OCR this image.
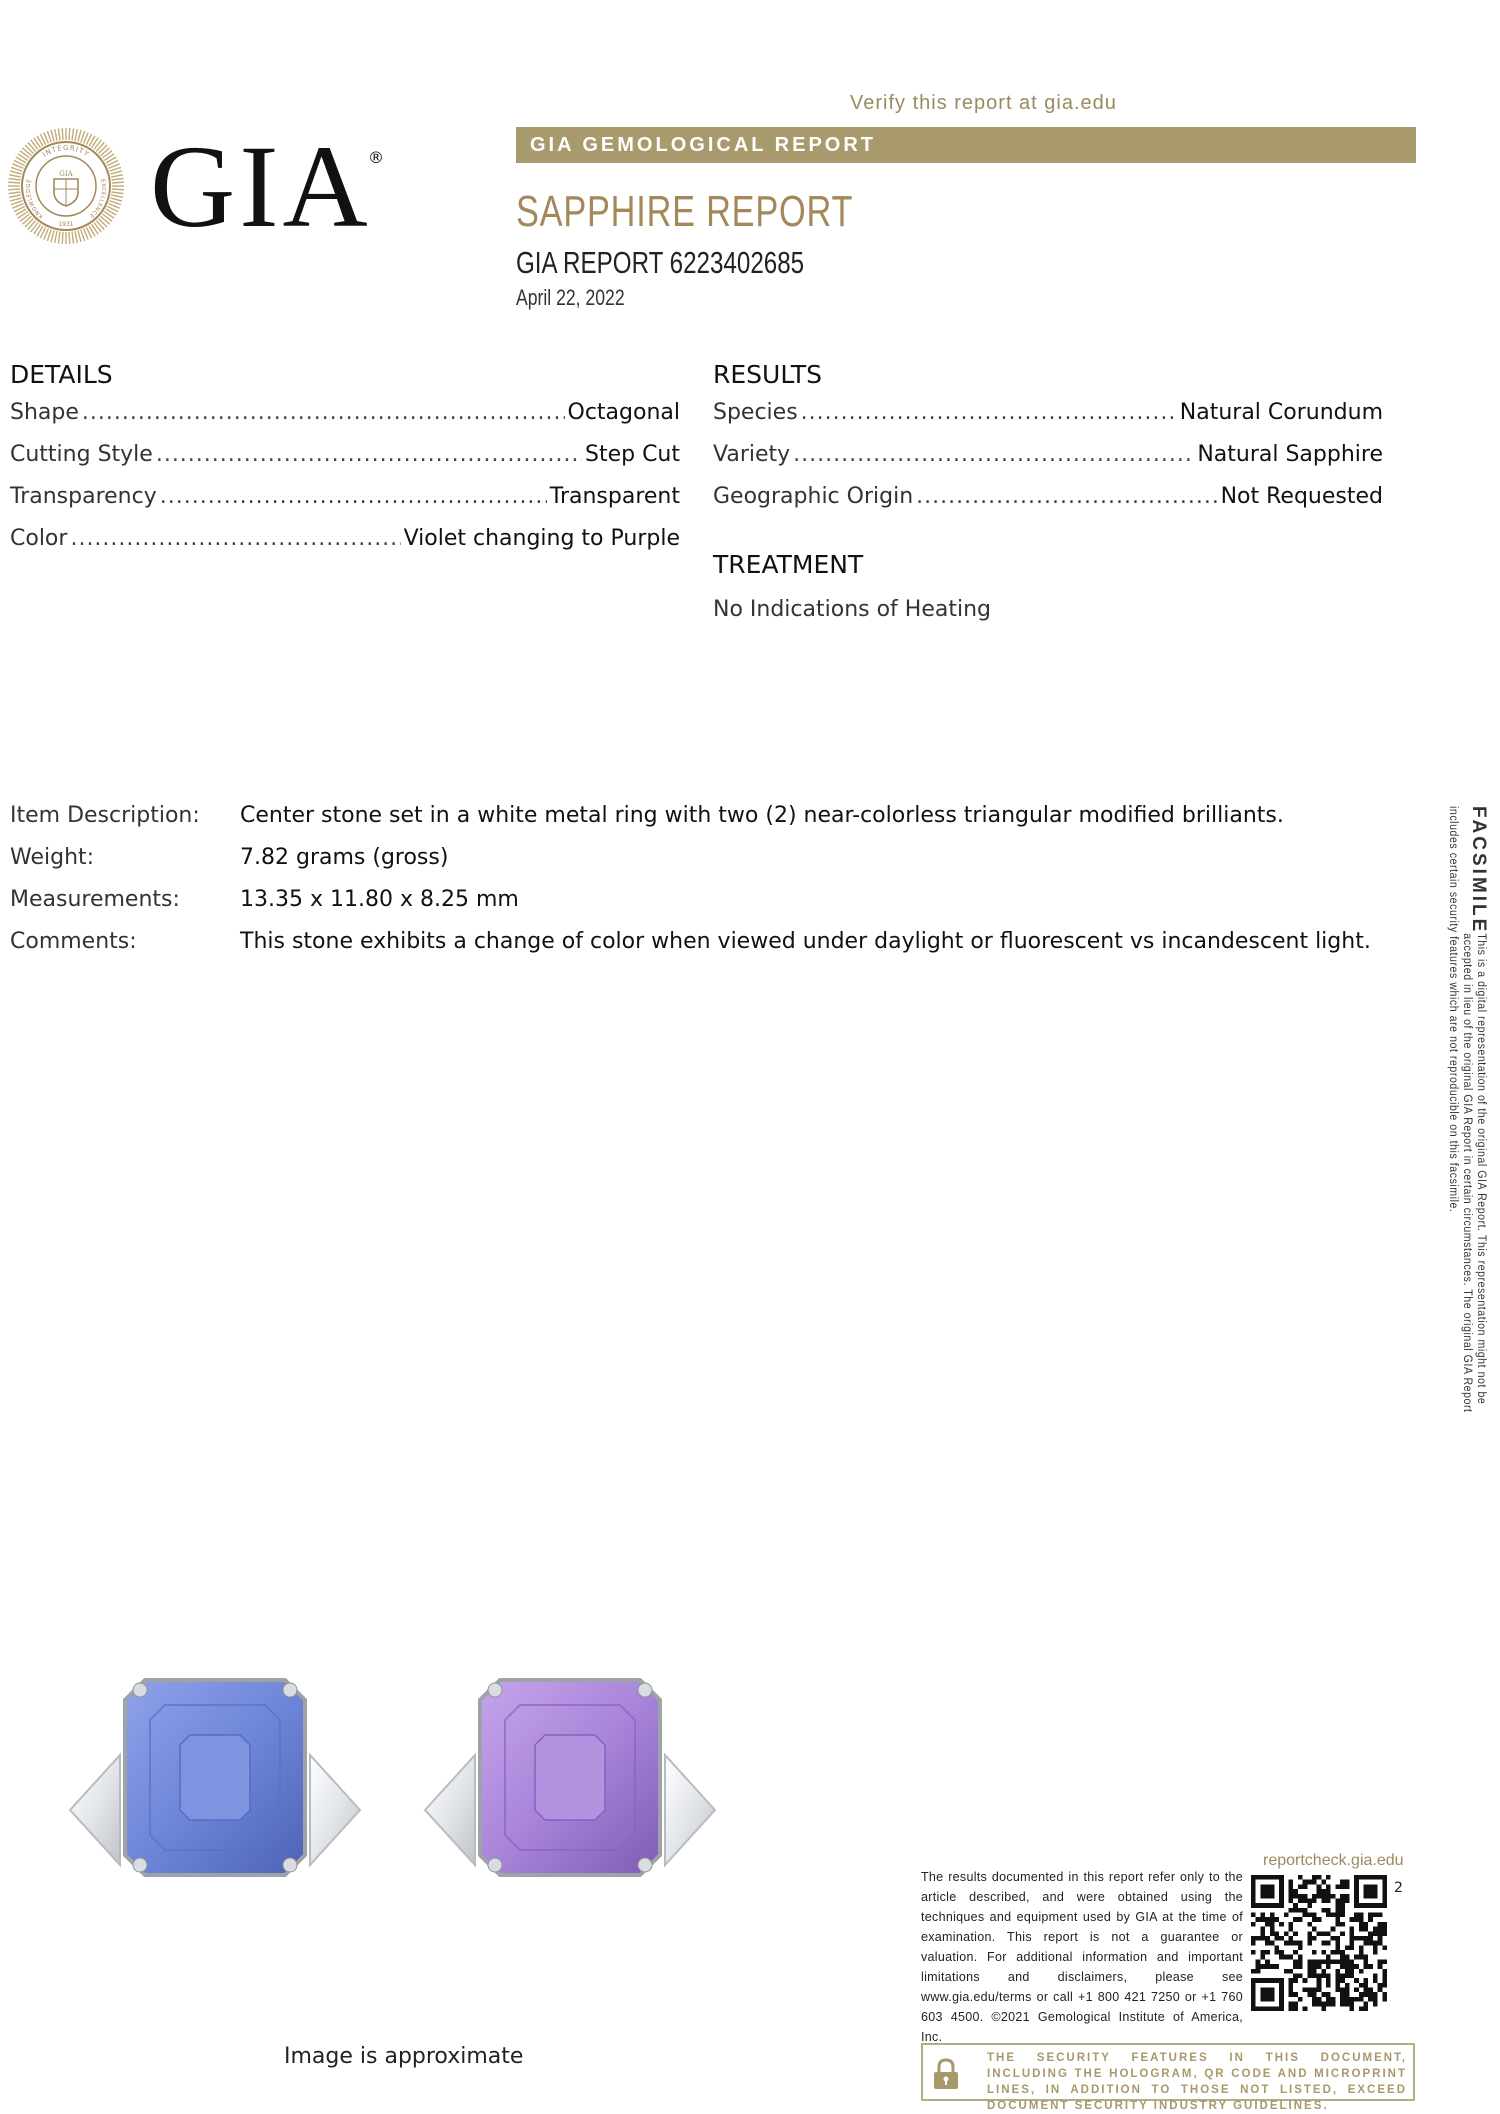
Verify this report at gia.edu
GIA GEMOLOGICAL REPORT
SAPPHIRE REPORT
GIA REPORT 6223402685
April 22, 2022
INTEGRITY
KNOWLEDGE	EXCELLENCE
GIA
1931 GIA
®
DETAILS
Shape .....	Octagonal
Cutting Style .....	Step Cut
Transparency .....	Transparent
Color .....	Violet changing to Purple
RESULTS
Species .....	Natural Corundum
Variety .....	Natural Sapphire
Geographic Origin .....	Not Requested
TREATMENT
No Indications of Heating
Item Description:	Center stone set in a white metal ring with two (2) near-colorless triangular modified brilliants.
Weight:	7.82 grams (gross)
Measurements:	13.35 x 11.80 x 8.25 mm
Comments:	This stone exhibits a change of color when viewed under daylight or fluorescent vs incandescent light.
FACSIMILE
This is a digital representation of the original GIA Report. This representation might not be accepted in lieu of the original GIA Report in certain circumstances. The original GIA Report includes certain security features which are not reproducible on this facsimile.
Image is approximate
reportcheck.gia.edu
The results documented in this report refer only to the article described, and were obtained using the techniques and equipment used by GIA at the time of examination. This report is not a guarantee or valuation. For additional information and important limitations and disclaimers, please see www.gia.edu/terms or call +1 800 421 7250 or +1 760 603 4500. ©2021 Gemological Institute of America, Inc.
2
THE SECURITY FEATURES IN THIS DOCUMENT, INCLUDING THE HOLOGRAM, QR CODE AND MICROPRINT LINES, IN ADDITION TO THOSE NOT LISTED, EXCEED DOCUMENT SECURITY INDUSTRY GUIDELINES.
